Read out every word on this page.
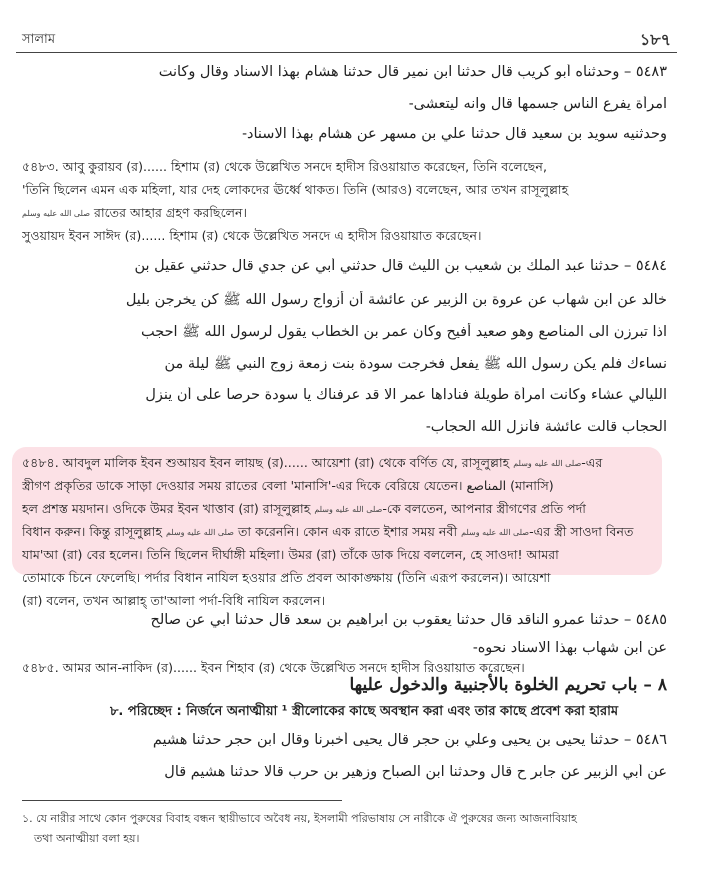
সালাম	১৮৭
٥٤٨٣ – وحدثناه أبو كريب قال حدثنا ابن نمير قال حدثنا هشام بهذا الاسناد وقال وكانت
امرأة يفرع الناس جسمها قال وانه ليتعشى-
وحدثنيه سويد بن سعيد قال حدثنا علي بن مسهر عن هشام بهذا الاسناد-
৫৪৮৩. আবু কুরায়ব (র)...... হিশাম (র) থেকে উল্লেখিত সনদে হাদীস রিওয়ায়াত করেছেন, তিনি বলেছেন,
'তিনি ছিলেন এমন এক মহিলা, যার দেহ লোকদের ঊর্ধ্বে থাকত। তিনি (আরও) বলেছেন, আর তখন রাসূলুল্লাহ
صلى الله عليه وسلم রাতের আহার গ্রহণ করছিলেন।
সুওয়ায়দ ইবন সাঈদ (র)...... হিশাম (র) থেকে উল্লেখিত সনদে এ হাদীস রিওয়ায়াত করেছেন।
٥٤٨٤ – حدثنا عبد الملك بن شعيب بن الليث قال حدثني أبي عن جدي قال حدثني عقيل بن
خالد عن ابن شهاب عن عروة بن الزبير عن عائشة أن أزواج رسول الله ﷺ كن يخرجن بليل
اذا تبرزن الى المناصع وهو صعيد أفيح وكان عمر بن الخطاب يقول لرسول الله ﷺ احجب
نساءك فلم يكن رسول الله ﷺ يفعل فخرجت سودة بنت زمعة زوج النبي ﷺ ليلة من
الليالي عشاء وكانت امرأة طويلة فناداها عمر الا قد عرفناك يا سودة حرصا على أن ينزل
الحجاب قالت عائشة فأنزل الله الحجاب-
৫৪৮৪. আবদুল মালিক ইবন শুআয়ব ইবন লায়ছ (র)...... আয়েশা (রা) থেকে বর্ণিত যে, রাসূলুল্লাহ صلى الله عليه وسلم-এর
স্ত্রীগণ প্রকৃতির ডাকে সাড়া দেওয়ার সময় রাতের বেলা 'মানাসি'-এর দিকে বেরিয়ে যেতেন। المناصع (মানাসি)
হল প্রশস্ত ময়দান। ওদিকে উমর ইবন খাত্তাব (রা) রাসূলুল্লাহ صلى الله عليه وسلم-কে বলতেন, আপনার স্ত্রীগণের প্রতি পর্দা
বিধান করুন। কিন্তু রাসূলুল্লাহ صلى الله عليه وسلم তা করেননি। কোন এক রাতে ইশার সময় নবী صلى الله عليه وسلم-এর স্ত্রী সাওদা বিনত
যাম'আ (রা) বের হলেন। তিনি ছিলেন দীর্ঘাঙ্গী মহিলা। উমর (রা) তাঁকে ডাক দিয়ে বললেন, হে সাওদা! আমরা
তোমাকে চিনে ফেলেছি। পর্দার বিধান নাযিল হওয়ার প্রতি প্রবল আকাঙ্ক্ষায় (তিনি এরূপ করলেন)। আয়েশা
(রা) বলেন, তখন আল্লাহ্ তা'আলা পর্দা-বিধি নাযিল করলেন।
٥٤٨٥ – حدثنا عمرو الناقد قال حدثنا يعقوب بن ابراهيم بن سعد قال حدثنا أبي عن صالح
عن ابن شهاب بهذا الاسناد نحوه-
৫৪৮৫. আমর আন-নাকিদ (র)...... ইবন শিহাব (র) থেকে উল্লেখিত সনদে হাদীস রিওয়ায়াত করেছেন।
٨ – باب تحريم الخلوة بالأجنبية والدخول عليها
৮. পরিচ্ছেদ : নির্জনে অনাত্মীয়া ¹ স্ত্রীলোকের কাছে অবস্থান করা এবং তার কাছে প্রবেশ করা হারাম
٥٤٨٦ – حدثنا يحيى بن يحيى وعلي بن حجر قال يحيى أخبرنا وقال ابن حجر حدثنا هشيم
عن أبي الزبير عن جابر ح قال وحدثنا ابن الصباح وزهير بن حرب قالا حدثنا هشيم قال
১. যে নারীর সাথে কোন পুরুষের বিবাহ বন্ধন স্থায়ীভাবে অবৈধ নয়, ইসলামী পরিভাষায় সে নারীকে ঐ পুরুষের জন্য আজনাবিয়াহ
তথা অনাত্মীয়া বলা হয়।
